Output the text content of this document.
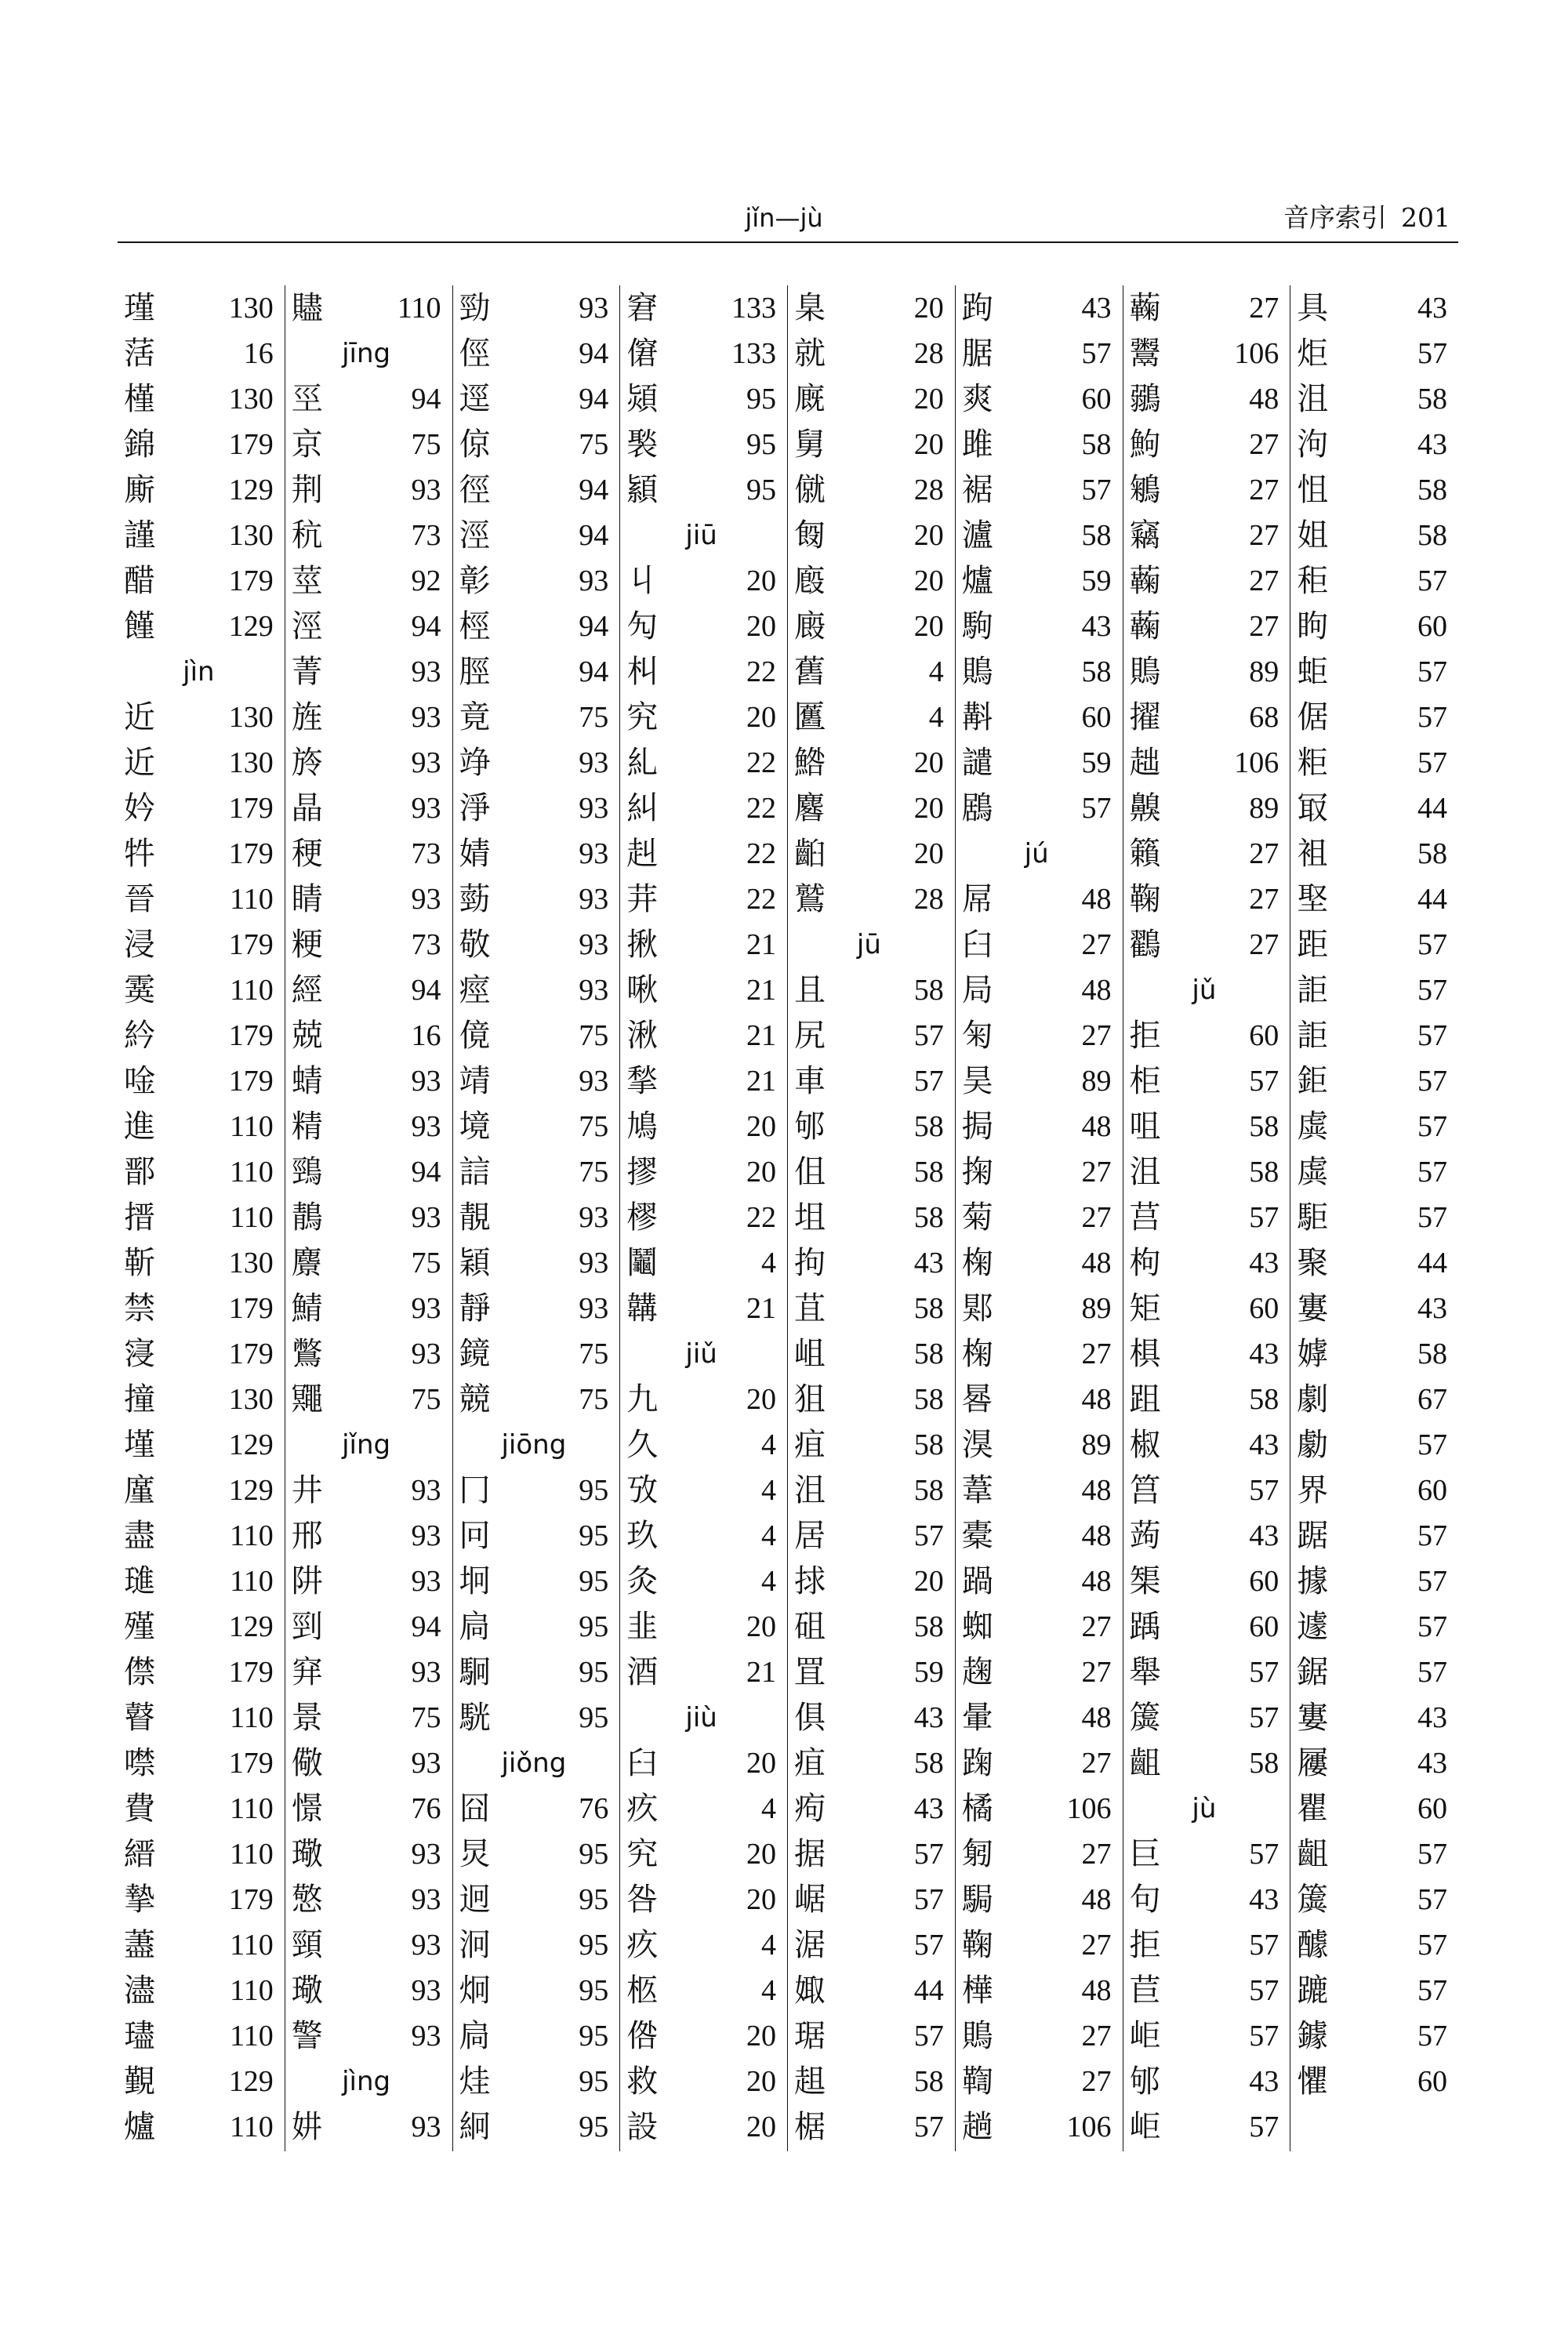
jǐn—jù	音序索引 201
瑾 130
萿	16
槿 130
錦 179
廝 129
謹 130
醋 179
饉 129
jìn
近 130
近 130
妗 179
牪 179
晉	110
浸 179
霙	110
紟 179
唫 179
進	110
鄑	110
搢	110
靳 130
禁 179
寖 179
撞 130
墐 129
廑 129
盡	110
璡	110
殣 129
僸 179
瞽	110
噤 179
費	110
縉	110
摯 179
藎	110
濜	110
璶	110
覲 129
爐	110
贐	110
jīng
巠	94
京	75
荆	93
秔	73
莖	92
涇	94
菁	93
旌	93
旍	93
晶	93
稉	73
睛	93
粳	73
經	94
兢	16
蜻	93
精	93
鵛	94
鶄	93
麖	75
鯖	93
鷩	93
鼆	75
jǐng
井	93
邢	93
阱	93
剄	94
穽	93
景	75
儆	93
憬	76
璥	93
憼	93
頸	93
璥	93
警	93
jìng
妌	93
勁	93
俓	94
逕	94
倞	75
徑	94
涇	94
彰	93
桱	94
脛	94
竟	75
竫	93
淨	93
婧	93
葝	93
敬	93
痙	93
傹	75
靖	93
境	75
誩	75
靚	93
穎	93
靜	93
鏡	75
競	75
jiōng
冂	95
冋	95
坰	95
扃	95
駉	95
駫	95
jiǒng
囧	76
炅	95
迥	95
泂	95
炯	95
扃	95
烓	95
絅	95
窘 133
僒 133
熲	95
褧	95
顈	95
jiū
丩	20
勼	20
朻	22
究	20
糺	22
糾	22
赳	22
茾	22
揪	21
啾	21
湫	21
揫	21
鳩	20
摎	20
樛	22
鬮	4
韝	21
jiǔ
九	20
久	4
攷	4
玖	4
灸	4
韭	20
酒	21
jiù
臼	20
疚	4
究	20
咎	20
疚	4
柩	4
倃	20
救	20
設	20
臬	20
就	28
廐	20
舅	20
僦	28
匓	20
廏	20
廄	20
舊	4
匶	4
鯦	20
麔	20
齨	20
鷲	28
jū
且	58
尻	57
車	57
邭	58
伹	58
坥	58
拘	43
苴	58
岨	58
狙	58
疽	58
沮	58
居	57
捄	20
砠	58
罝	59
俱	43
疽	58
痀	43
据	57
崌	57
涺	57
娵	44
琚	57
趄	58
椐	57
跔	43
腒	57
爽	60
雎	58
裾	57
瀘	58
爐	59
駒	43
鵙	58
斠	60
譴	59
鶋	57
jú
屌	48
臼	27
局	48
匊	27
昊	89
挶	48
掬	27
菊	27
椈	48
郹	89
椈	27
晷	48
湨	89
葦	48
橐	48
踻	48
蜘	27
趜	27
暈	48
踘	27
橘 106
匑	27
駶	48
鞠	27
樺	48
鵙	27
鞫	27
趟 106
蘜	27
鬻 106
鶸	48
鮈	27
鵴	27
竊	27
蘜	27
蘜	27
鵙	89
擢	68
趉 106
齅	89
籟	27
鞠	27
鸐	27
jǔ
拒	60
柜	57
咀	58
沮	58
莒	57
枸	43
矩	60
椇	43
跙	58
椒	43
筥	57
蒟	43
榘	60
踽	60
舉	57
簴	57
齟	58
jù
巨	57
句	43
拒	57
苣	57
岠	57
邭	43
岠	57
具	43
炬	57
沮	58
泃	43
怚	58
姐	58
秬	57
眗	60
蚷	57
倨	57
粔	57
冣	44
袓	58
埾	44
距	57
詎	57
詎	57
鉅	57
虡	57
虡	57
駏	57
聚	44
寠	43
嫭	58
劇	67
勮	57
界	60
踞	57
據	57
遽	57
鋸	57
寠	43
屨	43
瞿	60
齟	57
簴	57
醵	57
蹗	57
鐻	57
懼	60
